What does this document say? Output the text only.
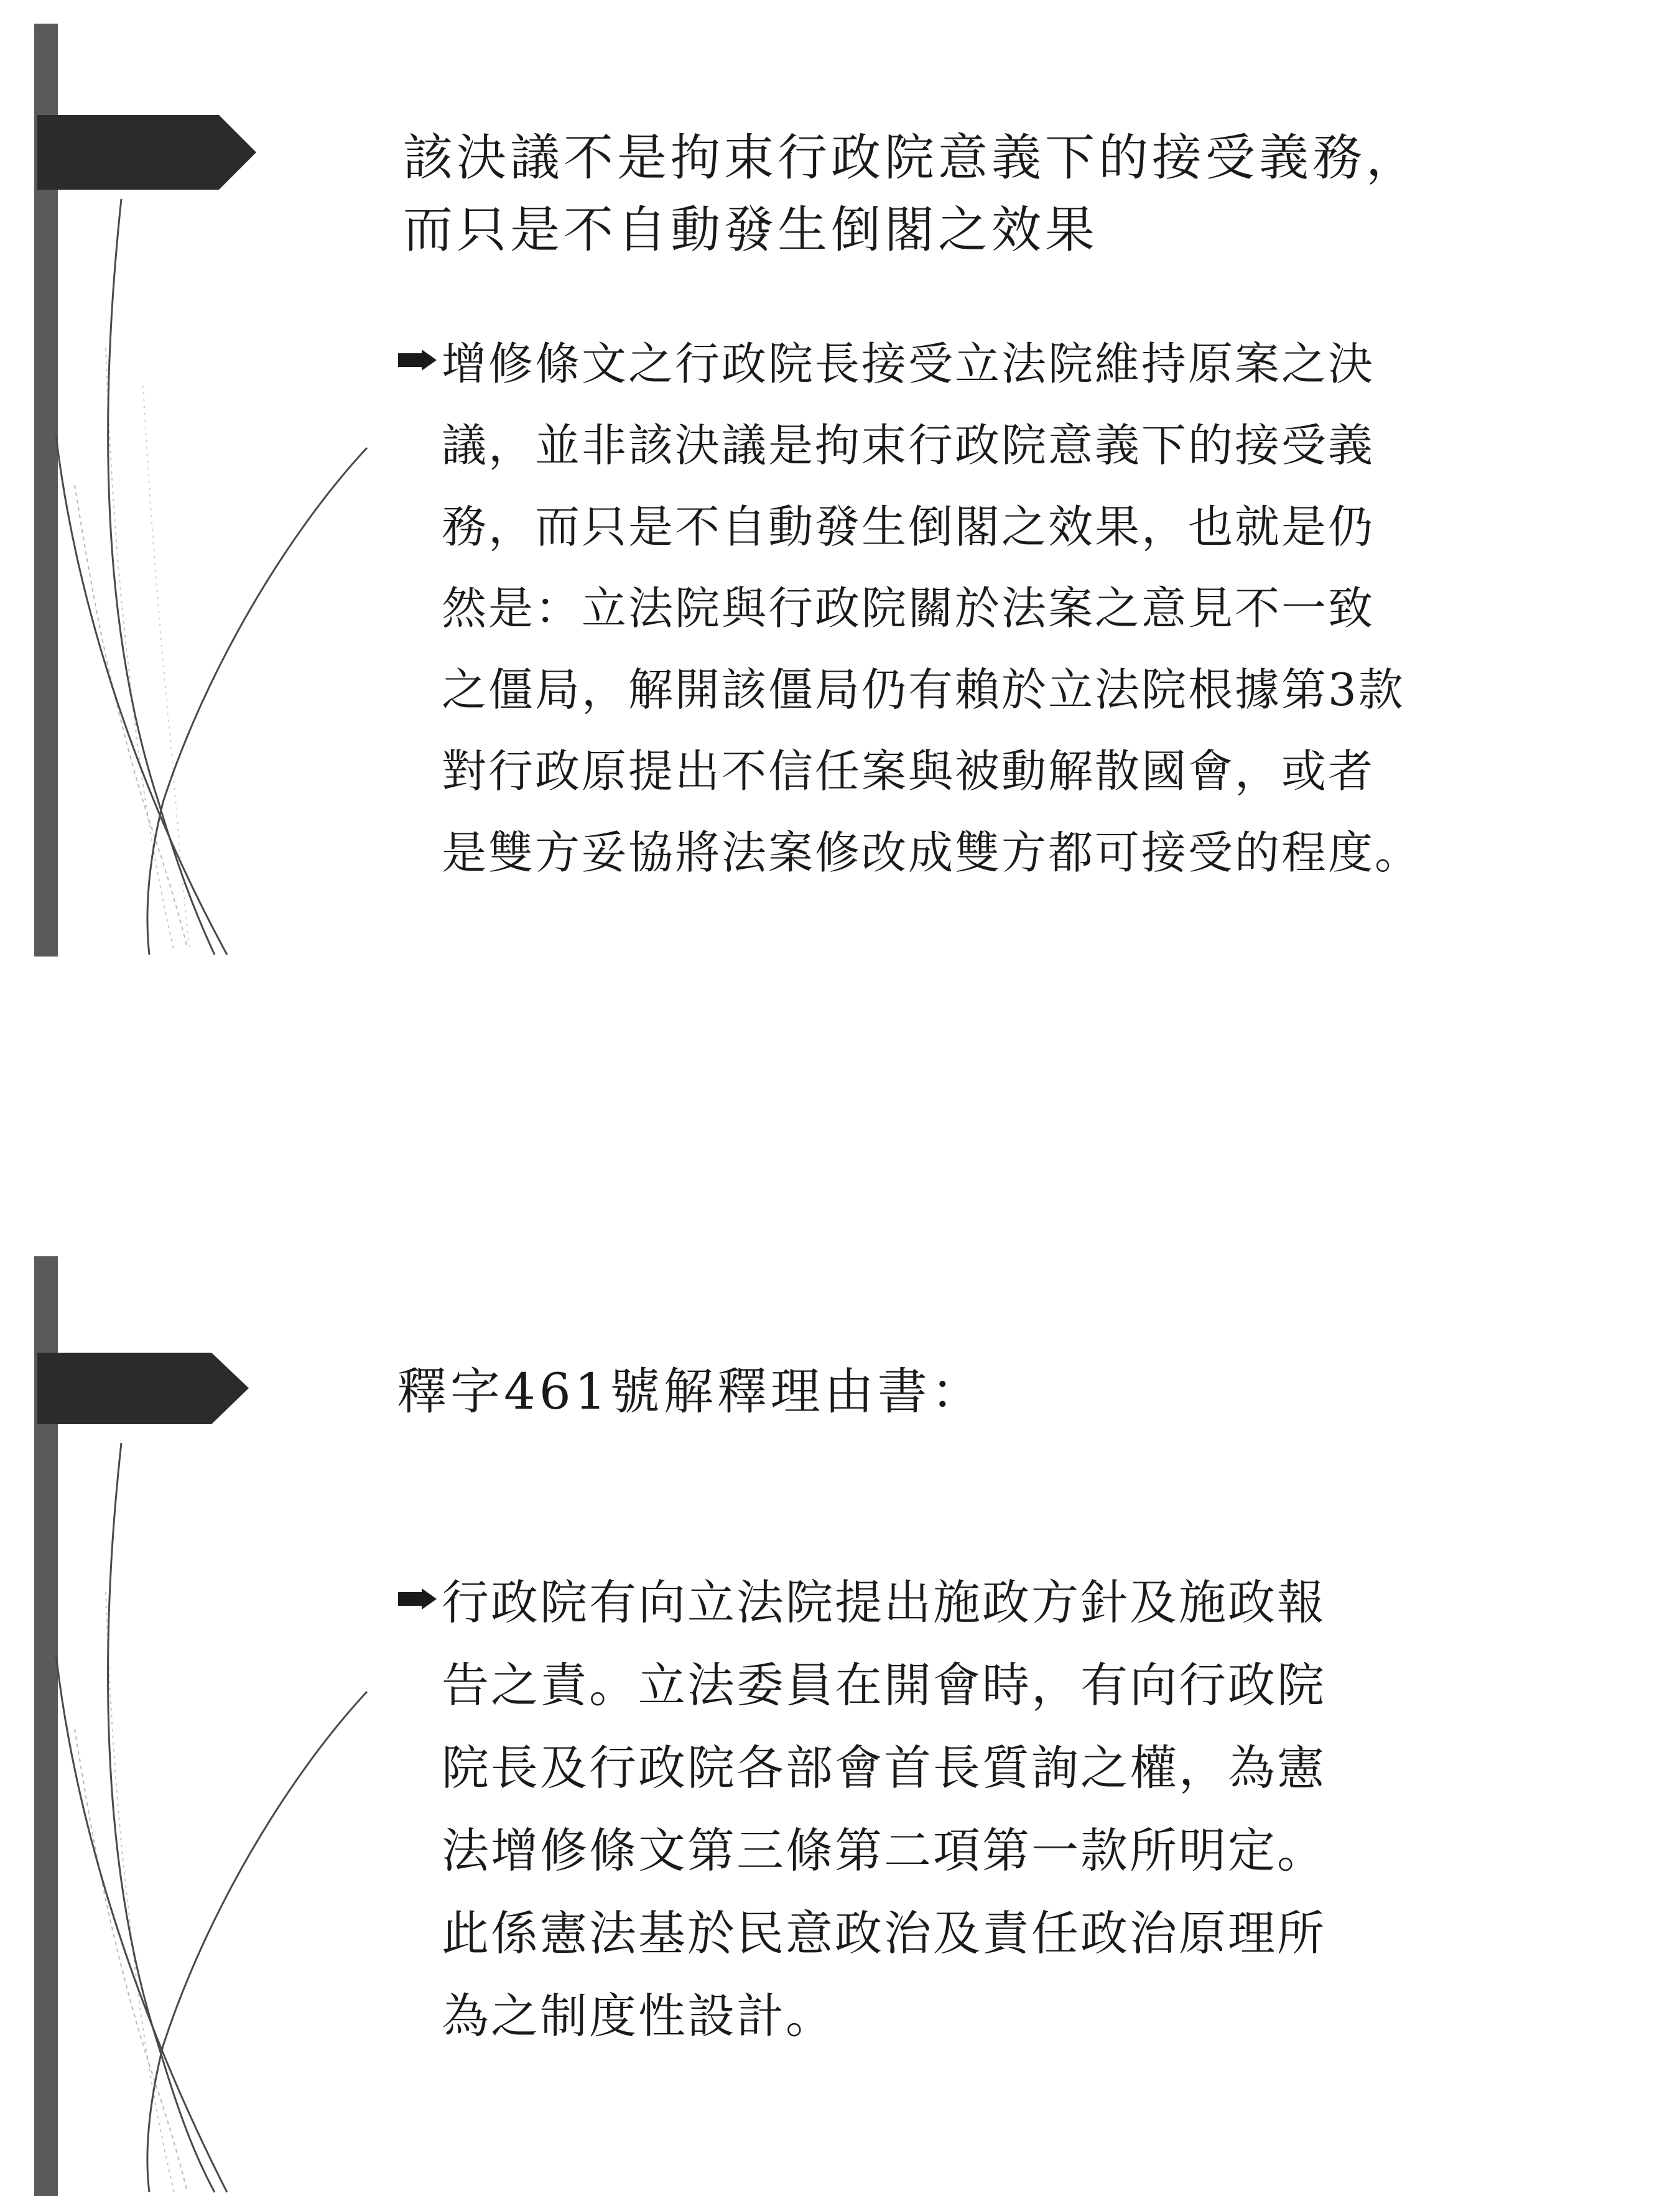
該決議不是拘束行政院意義下的接受義務，
而只是不自動發生倒閣之效果

增修條文之行政院長接受立法院維持原案之決
議，並非該決議是拘束行政院意義下的接受義
務，而只是不自動發生倒閣之效果，也就是仍
然是：立法院與行政院關於法案之意見不一致
之僵局，解開該僵局仍有賴於立法院根據第3款
對行政原提出不信任案與被動解散國會，或者
是雙方妥協將法案修改成雙方都可接受的程度。

釋字461號解釋理由書：

行政院有向立法院提出施政方針及施政報
告之責。立法委員在開會時，有向行政院
院長及行政院各部會首長質詢之權，為憲
法增修條文第三條第二項第一款所明定。
此係憲法基於民意政治及責任政治原理所
為之制度性設計。
